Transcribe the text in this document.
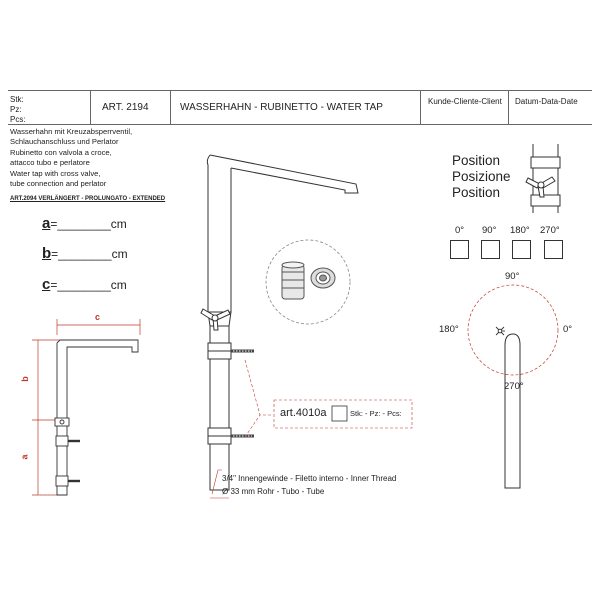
Stk:
Pz:
Pcs:
ART. 2194	WASSERHAHN - RUBINETTO - WATER TAP
Kunde-Cliente-Client Datum-Data-Date
Wasserhahn mit Kreuzabsperrventil,
Schlauchanschluss und Perlator
Rubinetto con valvola a croce,
attacco tubo e perlatore
Water tap with cross valve,
tube connection and perlator
ART.2094 VERLÄNGERT - PROLUNGATO - EXTENDED
a=________cm
b=________cm
c=________cm
c
b
a
art.4010a	Stk: - Pz: - Pcs:
3/4" Innengewinde - Filetto interno - Inner Thread
Ø 33 mm Rohr - Tubo - Tube
Position
Posizione
Position
0° 90° 180° 270°
90°
180°	0°
270°
